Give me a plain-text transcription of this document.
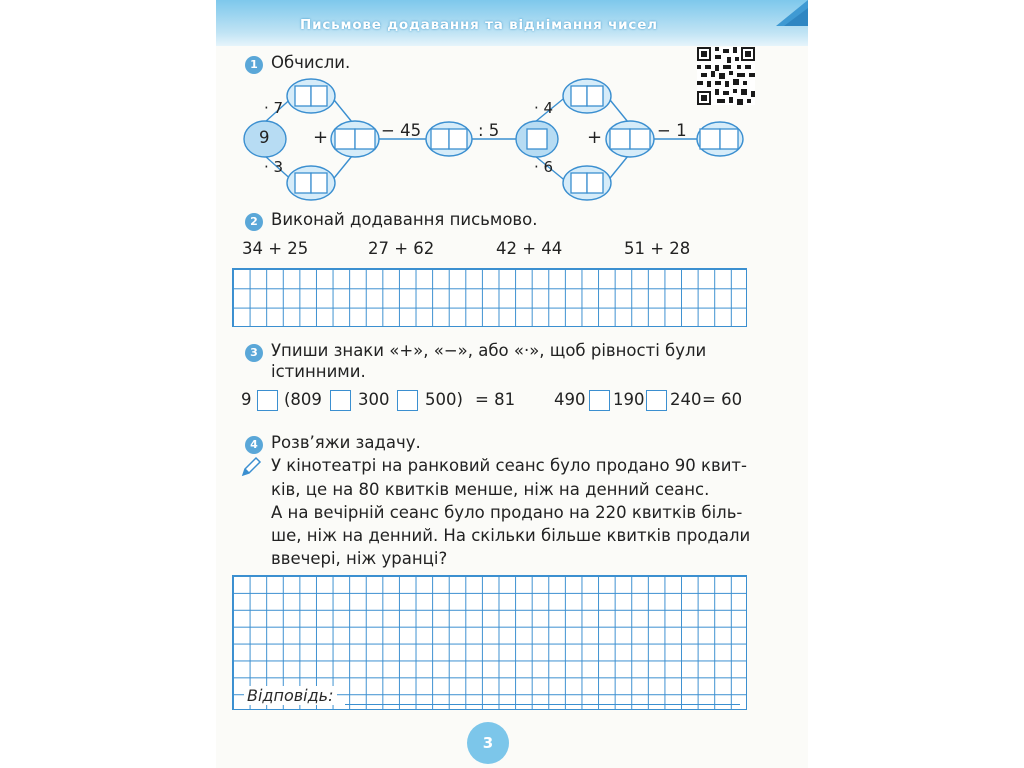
Письмове додавання та віднімання чисел
1 Обчисли.
9
· 7
· 3
+	− 45	: 5
· 4
· 6
+	− 1
2 Виконай додавання письмово.
34 + 25	27 + 62	42 + 44	51 + 28
3 Упиши знаки «+», «−», або «·», щоб рівності були
істинними.
9 (809 300 500) = 81 490 190 240 = 60
4 Розв’яжи задачу.
У кінотеатрі на ранковий сеанс було продано 90 квит-
ків, це на 80 квитків менше, ніж на денний сеанс.
А на вечірній сеанс було продано на 220 квитків біль-
ше, ніж на денний. На скільки більше квитків продали
ввечері, ніж уранці?
Відповідь:
3
